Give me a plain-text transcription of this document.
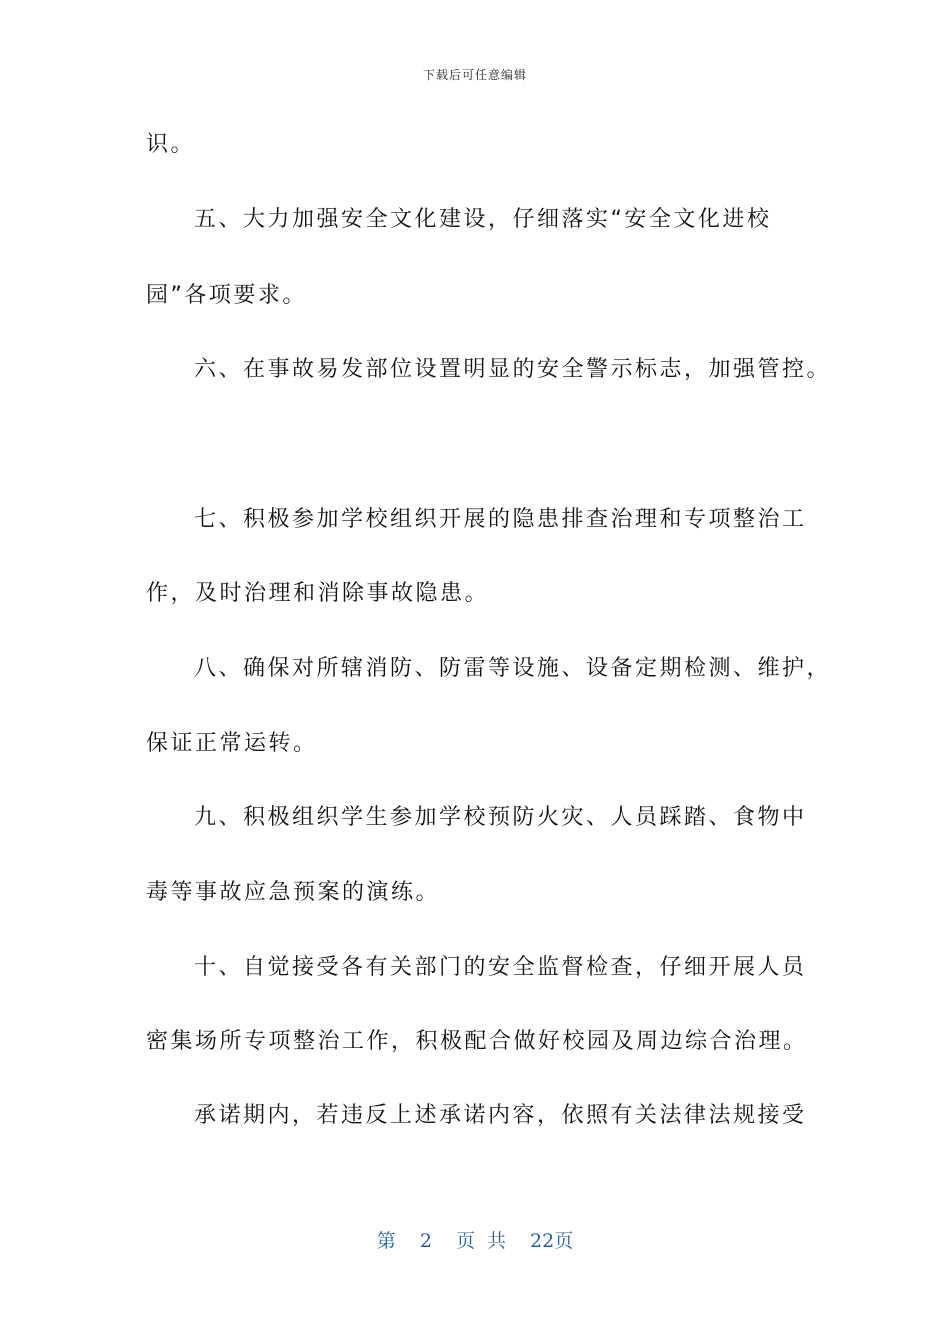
下载后可任意编辑
识。
五、大力加强安全文化建设，仔细落实“安全文化进校
园”各项要求。
六、在事故易发部位设置明显的安全警示标志，加强管控。
七、积极参加学校组织开展的隐患排查治理和专项整治工
作，及时治理和消除事故隐患。
八、确保对所辖消防、防雷等设施、设备定期检测、维护，
保证正常运转。
九、积极组织学生参加学校预防火灾、人员踩踏、食物中
毒等事故应急预案的演练。
十、自觉接受各有关部门的安全监督检查，仔细开展人员
密集场所专项整治工作，积极配合做好校园及周边综合治理。
承诺期内，若违反上述承诺内容，依照有关法律法规接受
第 2 页 共 22页
